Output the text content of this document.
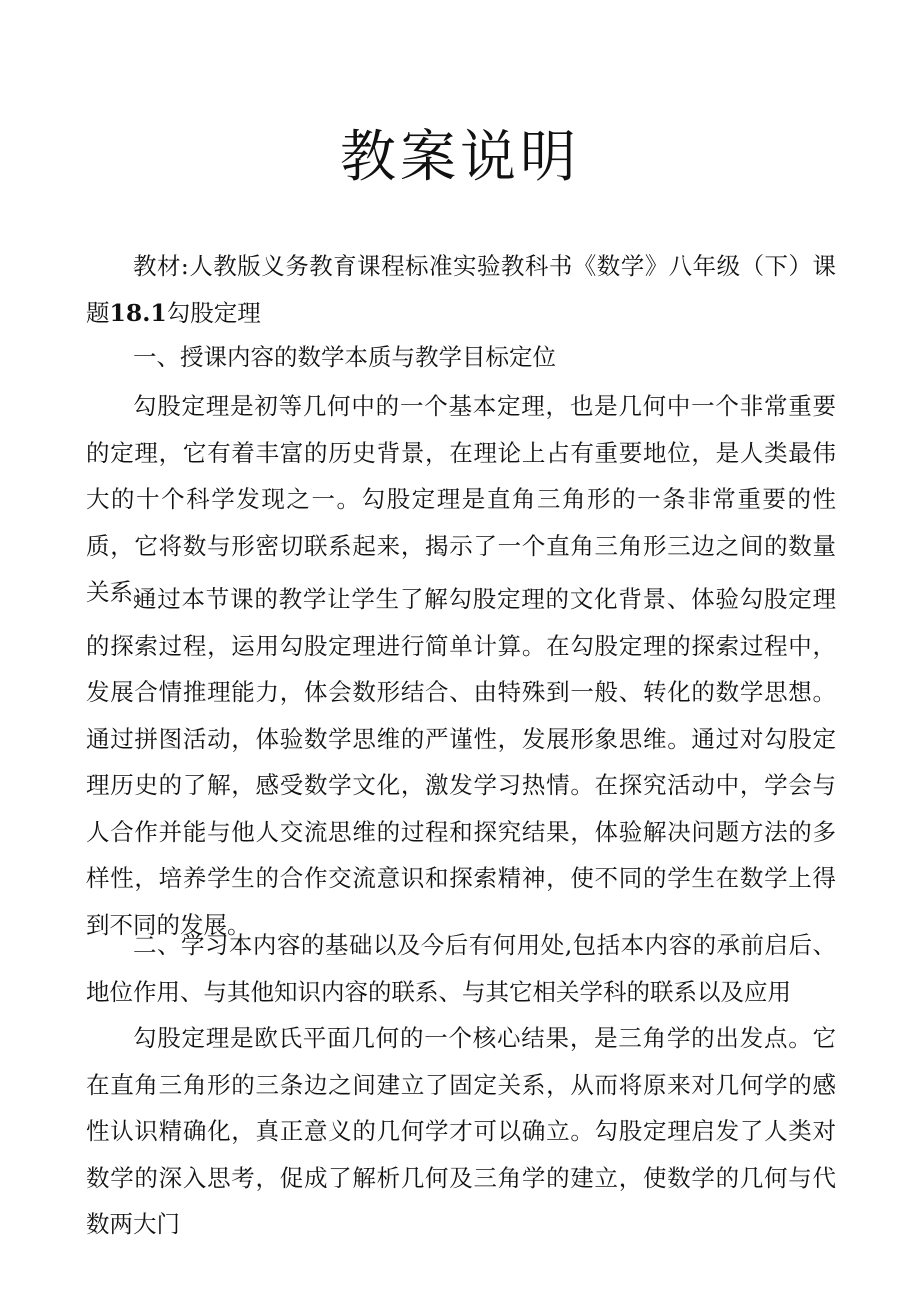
教案说明

教材:人教版义务教育课程标准实验教科书《数学》八年级（下）课题18.1勾股定理

一、授课内容的数学本质与教学目标定位

勾股定理是初等几何中的一个基本定理，也是几何中一个非常重要的定理，它有着丰富的历史背景，在理论上占有重要地位，是人类最伟大的十个科学发现之一。勾股定理是直角三角形的一条非常重要的性质，它将数与形密切联系起来，揭示了一个直角三角形三边之间的数量关系。

通过本节课的教学让学生了解勾股定理的文化背景、体验勾股定理的探索过程，运用勾股定理进行简单计算。在勾股定理的探索过程中，发展合情推理能力，体会数形结合、由特殊到一般、转化的数学思想。通过拼图活动，体验数学思维的严谨性，发展形象思维。通过对勾股定理历史的了解，感受数学文化，激发学习热情。在探究活动中，学会与人合作并能与他人交流思维的过程和探究结果，体验解决问题方法的多样性，培养学生的合作交流意识和探索精神，使不同的学生在数学上得到不同的发展。

二、学习本内容的基础以及今后有何用处,包括本内容的承前启后、地位作用、与其他知识内容的联系、与其它相关学科的联系以及应用

勾股定理是欧氏平面几何的一个核心结果，是三角学的出发点。它在直角三角形的三条边之间建立了固定关系，从而将原来对几何学的感性认识精确化，真正意义的几何学才可以确立。勾股定理启发了人类对数学的深入思考，促成了解析几何及三角学的建立，使数学的几何与代数两大门
